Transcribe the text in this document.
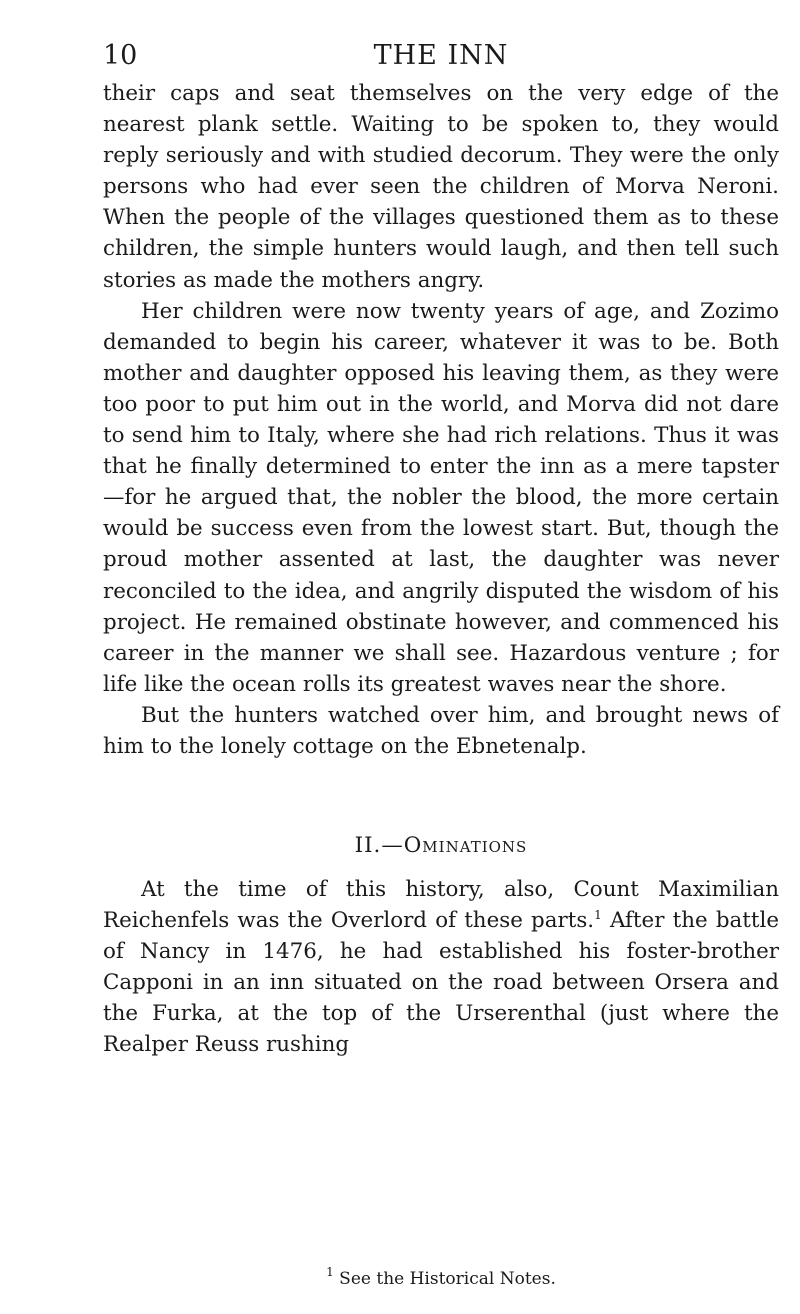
10	THE INN

their caps and seat themselves on the very edge of the nearest plank settle. Waiting to be spoken to, they would reply seriously and with studied decorum. They were the only persons who had ever seen the children of Morva Neroni. When the people of the villages questioned them as to these children, the simple hunters would laugh, and then tell such stories as made the mothers angry.

Her children were now twenty years of age, and Zozimo demanded to begin his career, whatever it was to be. Both mother and daughter opposed his leaving them, as they were too poor to put him out in the world, and Morva did not dare to send him to Italy, where she had rich relations. Thus it was that he finally determined to enter the inn as a mere tapster—for he argued that, the nobler the blood, the more certain would be success even from the lowest start. But, though the proud mother assented at last, the daughter was never reconciled to the idea, and angrily disputed the wisdom of his project. He remained obstinate however, and commenced his career in the manner we shall see. Hazardous venture ; for life like the ocean rolls its greatest waves near the shore.

But the hunters watched over him, and brought news of him to the lonely cottage on the Ebnetenalp.

II.—Ominations

At the time of this history, also, Count Maximilian Reichenfels was the Overlord of these parts.$^1$ After the battle of Nancy in 1476, he had established his foster-brother Capponi in an inn situated on the road between Orsera and the Furka, at the top of the Urserenthal (just where the Realper Reuss rushing

$^1$ See the Historical Notes.
